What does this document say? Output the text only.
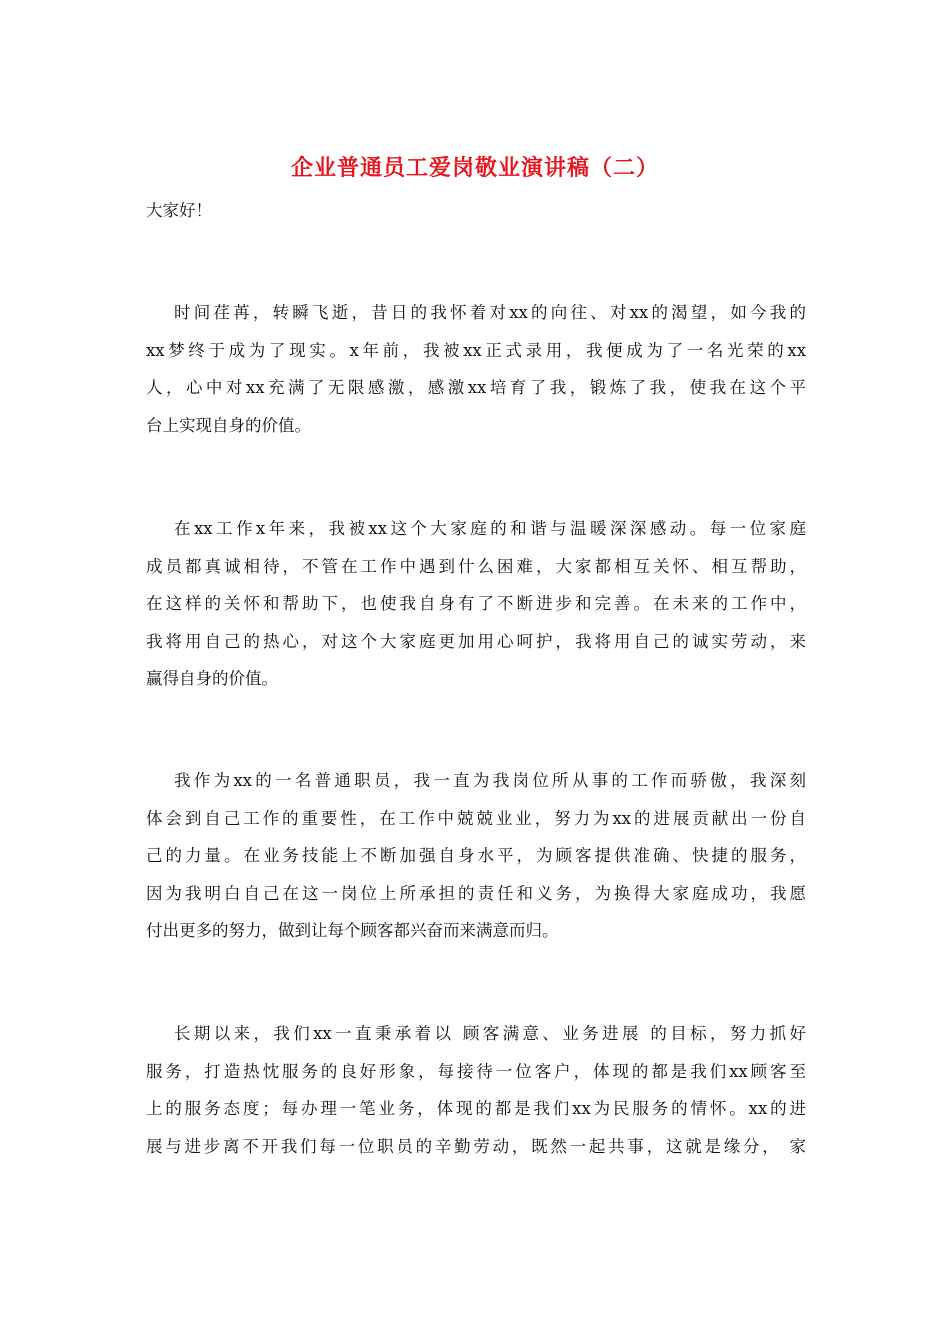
企业普通员工爱岗敬业演讲稿（二）

大家好！

时间荏苒，转瞬飞逝，昔日的我怀着对xx的向往、对xx的渴望，如今我的
xx梦终于成为了现实。x年前，我被xx正式录用，我便成为了一名光荣的xx
人，心中对xx充满了无限感激，感激xx培育了我，锻炼了我，使我在这个平
台上实现自身的价值。
在xx工作x年来，我被xx这个大家庭的和谐与温暖深深感动。每一位家庭
成员都真诚相待，不管在工作中遇到什么困难，大家都相互关怀、相互帮助，
在这样的关怀和帮助下，也使我自身有了不断进步和完善。在未来的工作中，
我将用自己的热心，对这个大家庭更加用心呵护，我将用自己的诚实劳动，来
赢得自身的价值。
我作为xx的一名普通职员，我一直为我岗位所从事的工作而骄傲，我深刻
体会到自己工作的重要性，在工作中兢兢业业，努力为xx的进展贡献出一份自
己的力量。在业务技能上不断加强自身水平，为顾客提供准确、快捷的服务，
因为我明白自己在这一岗位上所承担的责任和义务，为换得大家庭成功，我愿
付出更多的努力，做到让每个顾客都兴奋而来满意而归。
长期以来，我们xx一直秉承着以 顾客满意、业务进展 的目标，努力抓好
服务，打造热忱服务的良好形象，每接待一位客户，体现的都是我们xx顾客至
上的服务态度；每办理一笔业务，体现的都是我们xx为民服务的情怀。xx的进
展与进步离不开我们每一位职员的辛勤劳动，既然一起共事，这就是缘分， 家
